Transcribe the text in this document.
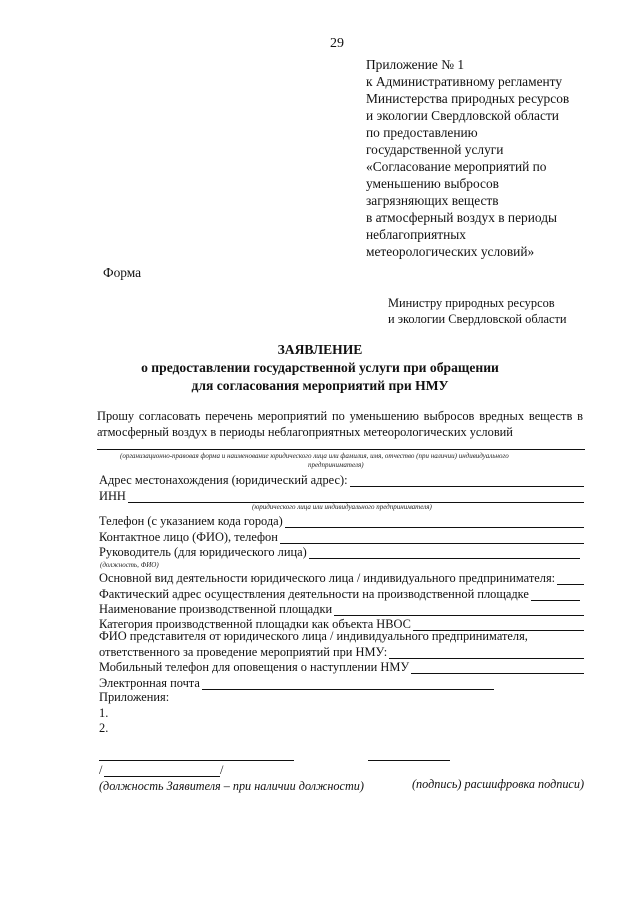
29
Приложение № 1
к Административному регламенту
Министерства природных ресурсов
и экологии Свердловской области
по предоставлению
государственной услуги
«Согласование мероприятий по
уменьшению выбросов
загрязняющих веществ
в атмосферный воздух в периоды
неблагоприятных
метеорологических условий»
Форма
Министру природных ресурсов
и экологии Свердловской области
ЗАЯВЛЕНИЕ
о предоставлении государственной услуги при обращении
для согласования мероприятий при НМУ
Прошу согласовать перечень мероприятий по уменьшению выбросов вредных веществ в атмосферный воздух в периоды неблагоприятных метеорологических условий
(организационно-правовая форма и наименование юридического лица или фамилия, имя, отчество (при наличии) индивидуального
предпринимателя)
Адрес местонахождения (юридический адрес):
ИНН
(юридического лица или индивидуального предпринимателя)
Телефон (с указанием кода города)
Контактное лицо (ФИО), телефон
Руководитель (для юридического лица)
(должность, ФИО)
Основной вид деятельности юридического лица / индивидуального предпринимателя:
Фактический адрес осуществления деятельности на производственной площадке
Наименование производственной площадки
Категория производственной площадки как объекта НВОС
ФИО представителя от юридического лица / индивидуального предпринимателя,
ответственного за проведение мероприятий при НМУ:
Мобильный телефон для оповещения о наступлении НМУ
Электронная почта
Приложения:
1.
2.
/	/
(должность Заявителя – при наличии должности)	(подпись) расшифровка подписи)
